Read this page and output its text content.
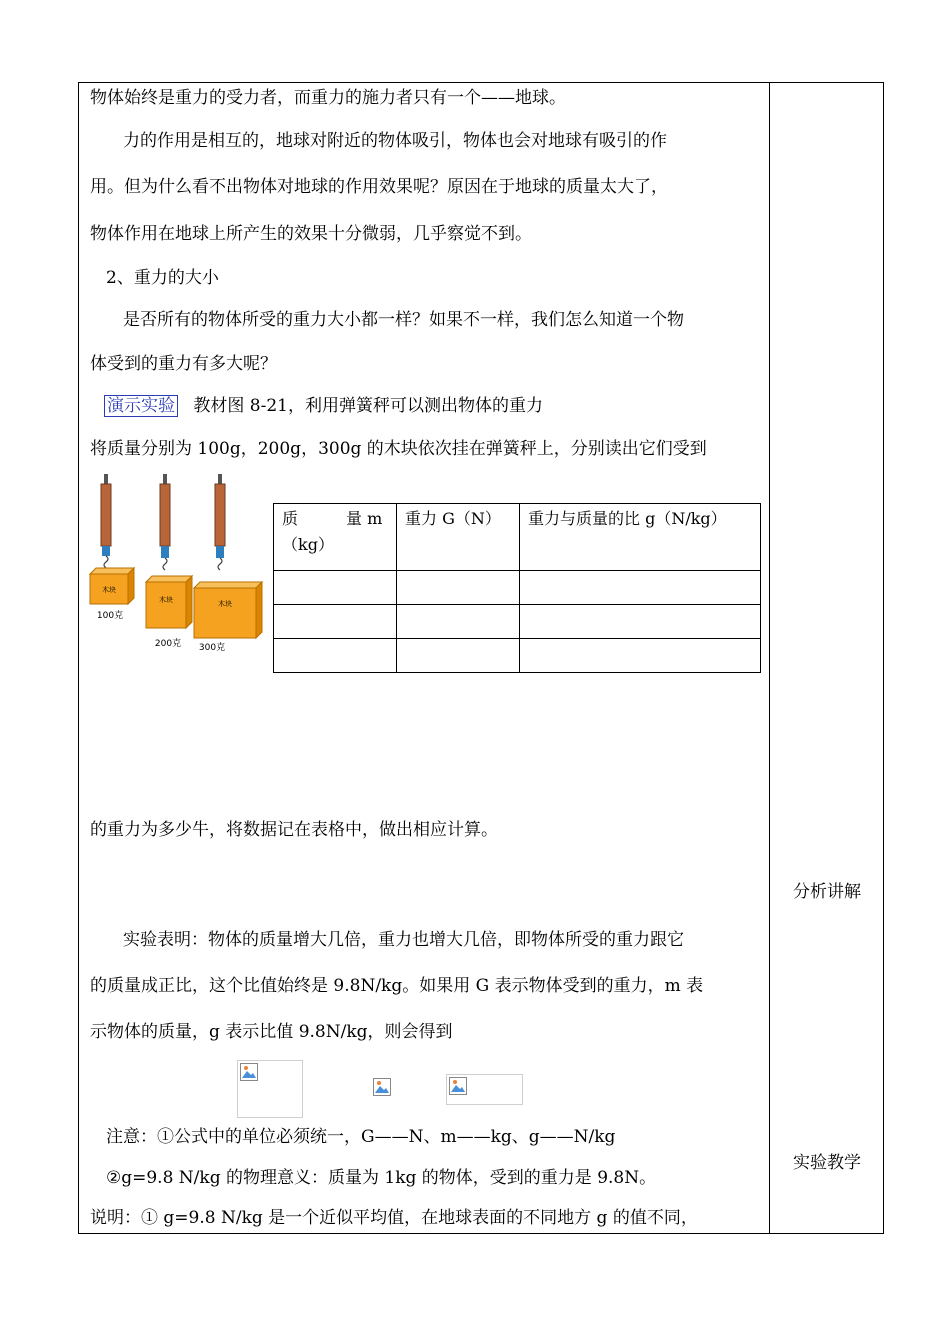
物体始终是重力的受力者，而重力的施力者只有一个——地球。
力的作用是相互的，地球对附近的物体吸引，物体也会对地球有吸引的作
用。但为什么看不出物体对地球的作用效果呢？原因在于地球的质量太大了，
物体作用在地球上所产生的效果十分微弱，几乎察觉不到。
2、重力的大小
是否所有的物体所受的重力大小都一样？如果不一样，我们怎么知道一个物
体受到的重力有多大呢？
演示实验 教材图 8-21，利用弹簧秤可以测出物体的重力
将质量分别为 100g，200g，300g 的木块依次挂在弹簧秤上，分别读出它们受到
木块
100克
木块
200克
木块
300克
质　　　量 m（kg）	重力 G（N）	重力与质量的比 g（N/kg）

的重力为多少牛，将数据记在表格中，做出相应计算。
实验表明：物体的质量增大几倍，重力也增大几倍，即物体所受的重力跟它
的质量成正比，这个比值始终是 9.8N/kg。如果用 G 表示物体受到的重力，m 表
示物体的质量，g 表示比值 9.8N/kg，则会得到
注意：①公式中的单位必须统一，G——N、m——kg、g——N/kg
②g=9.8 N/kg 的物理意义：质量为 1kg 的物体，受到的重力是 9.8N。
说明：① g=9.8 N/kg 是一个近似平均值，在地球表面的不同地方 g 的值不同，
分析讲解
实验教学
